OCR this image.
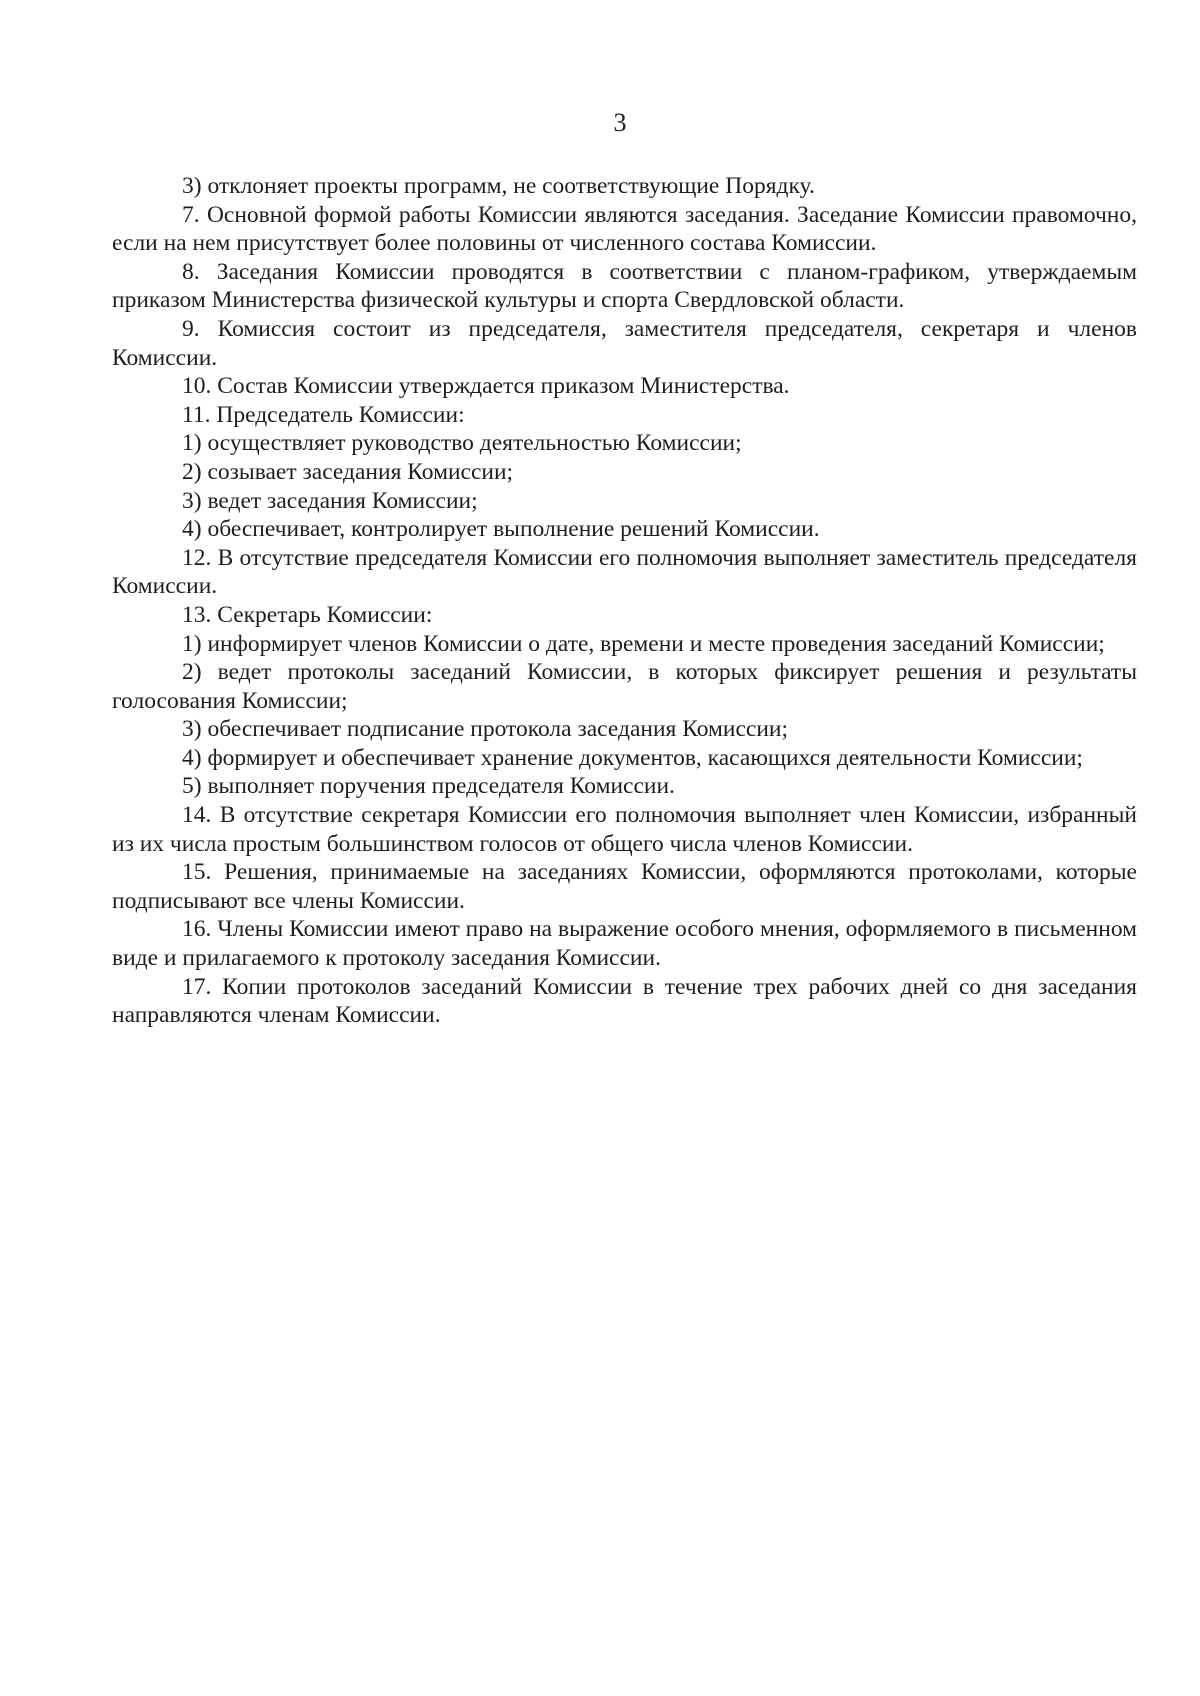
3

3) отклоняет проекты программ, не соответствующие Порядку.

7. Основной формой работы Комиссии являются заседания. Заседание Комиссии правомочно, если на нем присутствует более половины от численного состава Комиссии.

8. Заседания Комиссии проводятся в соответствии с планом-графиком, утверждаемым приказом Министерства физической культуры и спорта Свердловской области.

9. Комиссия состоит из председателя, заместителя председателя, секретаря и членов Комиссии.

10. Состав Комиссии утверждается приказом Министерства.

11. Председатель Комиссии:

1) осуществляет руководство деятельностью Комиссии;

2) созывает заседания Комиссии;

3) ведет заседания Комиссии;

4) обеспечивает, контролирует выполнение решений Комиссии.

12. В отсутствие председателя Комиссии его полномочия выполняет заместитель председателя Комиссии.

13. Секретарь Комиссии:

1) информирует членов Комиссии о дате, времени и месте проведения заседаний Комиссии;

2) ведет протоколы заседаний Комиссии, в которых фиксирует решения и результаты голосования Комиссии;

3) обеспечивает подписание протокола заседания Комиссии;

4) формирует и обеспечивает хранение документов, касающихся деятельности Комиссии;

5) выполняет поручения председателя Комиссии.

14. В отсутствие секретаря Комиссии его полномочия выполняет член Комиссии, избранный из их числа простым большинством голосов от общего числа членов Комиссии.

15. Решения, принимаемые на заседаниях Комиссии, оформляются протоколами, которые подписывают все члены Комиссии.

16. Члены Комиссии имеют право на выражение особого мнения, оформляемого в письменном виде и прилагаемого к протоколу заседания Комиссии.

17. Копии протоколов заседаний Комиссии в течение трех рабочих дней со дня заседания направляются членам Комиссии.
